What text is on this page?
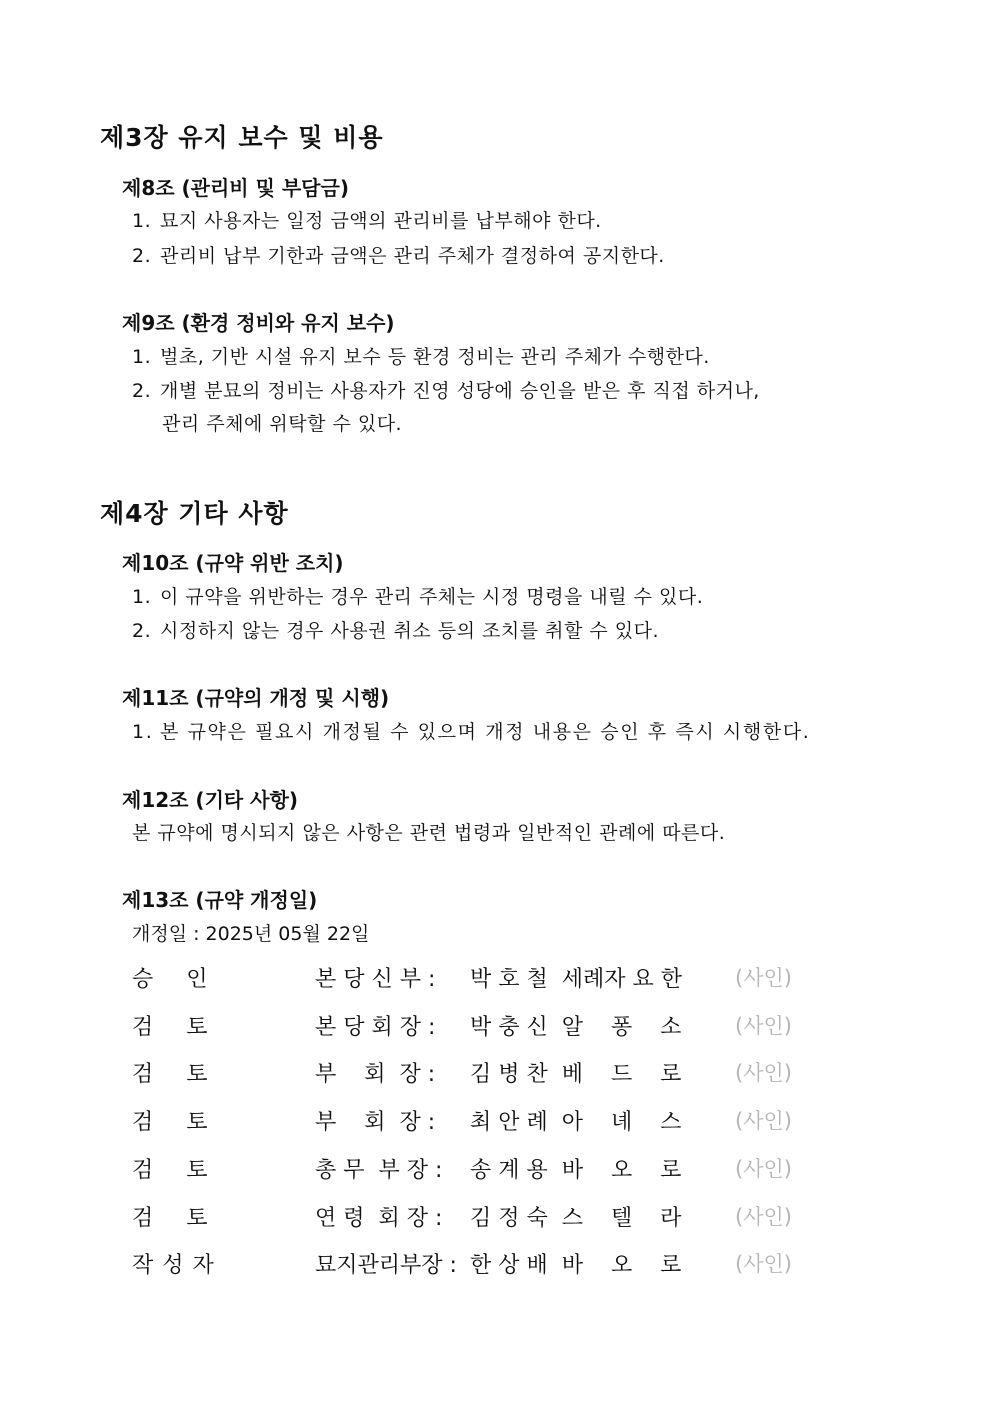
제3장 유지 보수 및 비용
제8조 (관리비 및 부담금)
1. 묘지 사용자는 일정 금액의 관리비를 납부해야 한다.
2. 관리비 납부 기한과 금액은 관리 주체가 결정하여 공지한다.
제9조 (환경 정비와 유지 보수)
1. 벌초, 기반 시설 유지 보수 등 환경 정비는 관리 주체가 수행한다.
2. 개별 분묘의 정비는 사용자가 진영 성당에 승인을 받은 후 직접 하거나,
관리 주체에 위탁할 수 있다.
제4장 기타 사항
제10조 (규약 위반 조치)
1. 이 규약을 위반하는 경우 관리 주체는 시정 명령을 내릴 수 있다.
2. 시정하지 않는 경우 사용권 취소 등의 조치를 취할 수 있다.
제11조 (규약의 개정 및 시행)
1. 본 규약은 필요시 개정될 수 있으며 개정 내용은 승인 후 즉시 시행한다.
제12조 (기타 사항)
본 규약에 명시되지 않은 사항은 관련 법령과 일반적인 관례에 따른다.
제13조 (규약 개정일)
개정일 : 2025년 05월 22일
승    인	본 당 신 부 : 박 호 철  세례자 요 한	(사인)
검    토	본 당 회 장 : 박 충 신  알    퐁    소	(사인)
검    토	부    회  장 : 김 병 찬  베    드    로	(사인)
검    토	부    회  장 : 최 안 례  아    녜    스	(사인)
검    토	총 무  부 장 : 송 계 용  바    오    로	(사인)
검    토	연 령  회 장 : 김 정 숙  스    텔    라	(사인)
작 성 자	묘지관리부장 : 한 상 배  바    오    로	(사인)
